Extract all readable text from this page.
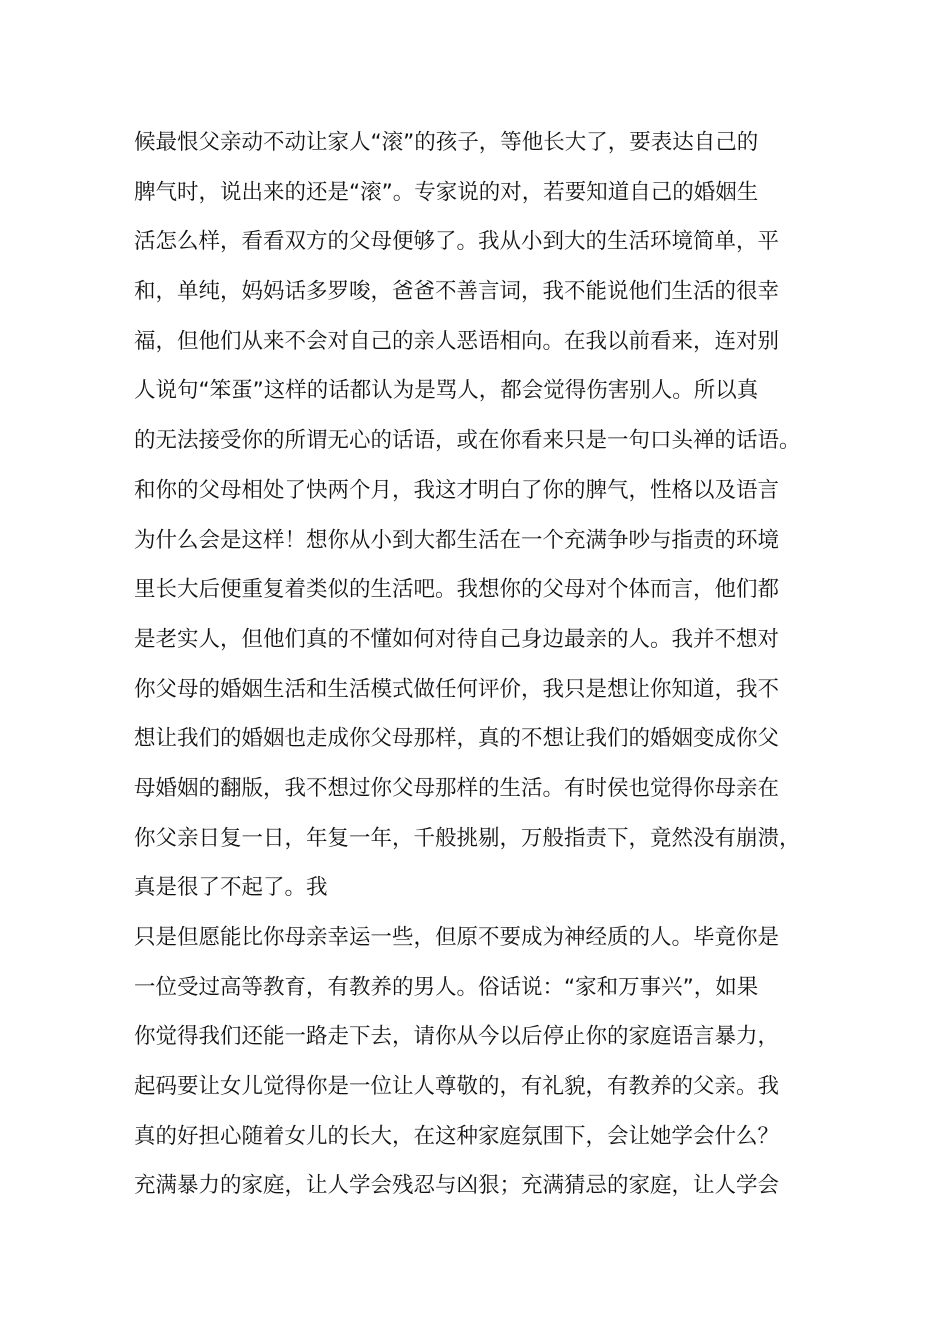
候最恨父亲动不动让家人“滚”的孩子，等他长大了，要表达自己的
脾气时，说出来的还是“滚”。专家说的对，若要知道自己的婚姻生
活怎么样，看看双方的父母便够了。我从小到大的生活环境简单，平
和，单纯，妈妈话多罗唆，爸爸不善言词，我不能说他们生活的很幸
福，但他们从来不会对自己的亲人恶语相向。在我以前看来，连对别
人说句“笨蛋”这样的话都认为是骂人，都会觉得伤害别人。所以真
的无法接受你的所谓无心的话语，或在你看来只是一句口头禅的话语。
和你的父母相处了快两个月，我这才明白了你的脾气，性格以及语言
为什么会是这样！想你从小到大都生活在一个充满争吵与指责的环境
里长大后便重复着类似的生活吧。我想你的父母对个体而言，他们都
是老实人，但他们真的不懂如何对待自己身边最亲的人。我并不想对
你父母的婚姻生活和生活模式做任何评价，我只是想让你知道，我不
想让我们的婚姻也走成你父母那样，真的不想让我们的婚姻变成你父
母婚姻的翻版，我不想过你父母那样的生活。有时侯也觉得你母亲在
你父亲日复一日，年复一年，千般挑剔，万般指责下，竟然没有崩溃，
真是很了不起了。我
只是但愿能比你母亲幸运一些，但原不要成为神经质的人。毕竟你是
一位受过高等教育，有教养的男人。俗话说：“家和万事兴”，如果
你觉得我们还能一路走下去，请你从今以后停止你的家庭语言暴力，
起码要让女儿觉得你是一位让人尊敬的，有礼貌，有教养的父亲。我
真的好担心随着女儿的长大，在这种家庭氛围下，会让她学会什么？
充满暴力的家庭，让人学会残忍与凶狠；充满猜忌的家庭，让人学会
